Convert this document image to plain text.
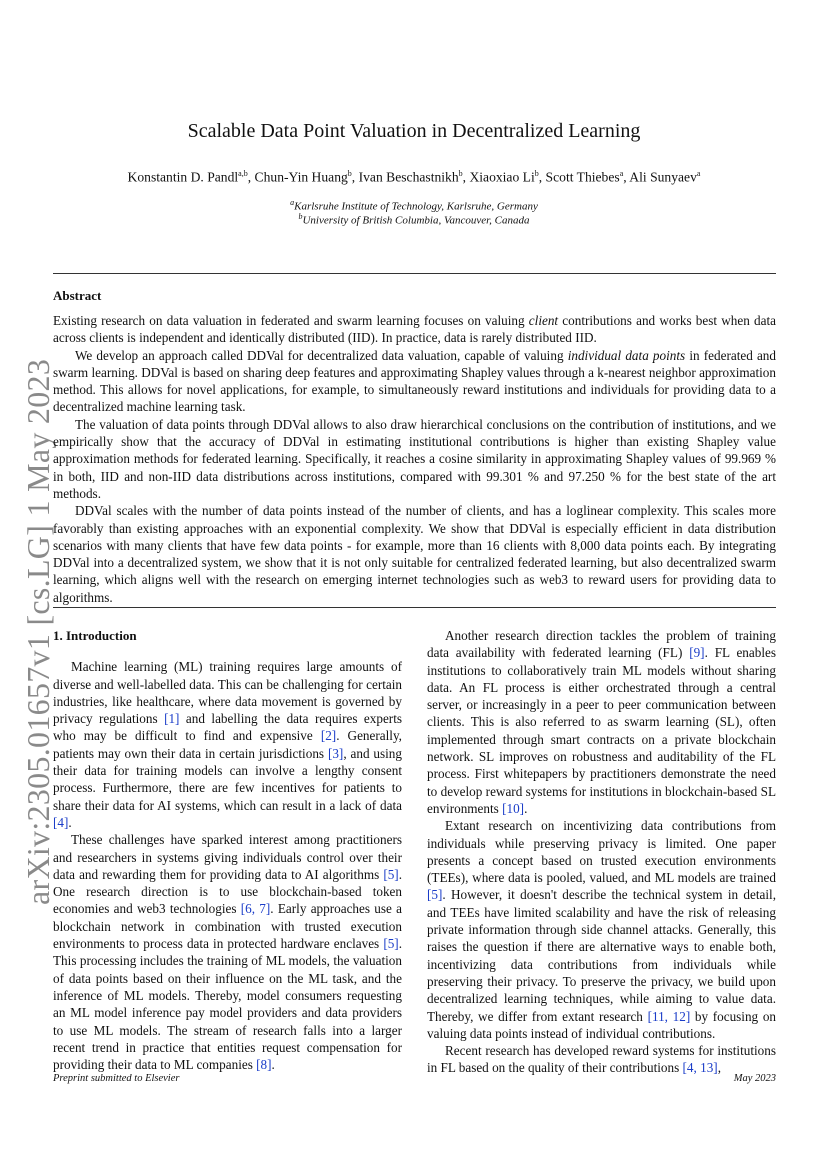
arXiv:2305.01657v1 [cs.LG] 1 May 2023
Scalable Data Point Valuation in Decentralized Learning
Konstantin D. Pandl$^{a,b}$, Chun-Yin Huang$^b$, Ivan Beschastnikh$^b$, Xiaoxiao Li$^b$, Scott Thiebes$^a$, Ali Sunyaev$^a$
$^a$Karlsruhe Institute of Technology, Karlsruhe, Germany
$^b$University of British Columbia, Vancouver, Canada
Abstract

Existing research on data valuation in federated and swarm learning focuses on valuing client contributions and works best when data across clients is independent and identically distributed (IID). In practice, data is rarely distributed IID.

We develop an approach called DDVal for decentralized data valuation, capable of valuing individual data points in federated and swarm learning. DDVal is based on sharing deep features and approximating Shapley values through a k-nearest neighbor approximation method. This allows for novel applications, for example, to simultaneously reward institutions and individuals for providing data to a decentralized machine learning task.

The valuation of data points through DDVal allows to also draw hierarchical conclusions on the contribution of institutions, and we empirically show that the accuracy of DDVal in estimating institutional contributions is higher than existing Shapley value approximation methods for federated learning. Specifically, it reaches a cosine similarity in approximating Shapley values of 99.969 % in both, IID and non-IID data distributions across institutions, compared with 99.301 % and 97.250 % for the best state of the art methods.

DDVal scales with the number of data points instead of the number of clients, and has a loglinear complexity. This scales more favorably than existing approaches with an exponential complexity. We show that DDVal is especially efficient in data distribution scenarios with many clients that have few data points - for example, more than 16 clients with 8,000 data points each. By integrating DDVal into a decentralized system, we show that it is not only suitable for centralized federated learning, but also decentralized swarm learning, which aligns well with the research on emerging internet technologies such as web3 to reward users for providing data to algorithms.

1. Introduction

Machine learning (ML) training requires large amounts of diverse and well-labelled data. This can be challenging for certain industries, like healthcare, where data movement is governed by privacy regulations [1] and labelling the data requires experts who may be difficult to find and expensive [2]. Generally, patients may own their data in certain jurisdictions [3], and using their data for training models can involve a lengthy consent process. Furthermore, there are few incentives for patients to share their data for AI systems, which can result in a lack of data [4].

These challenges have sparked interest among practitioners and researchers in systems giving individuals control over their data and rewarding them for providing data to AI algorithms [5]. One research direction is to use blockchain-based token economies and web3 technologies [6, 7]. Early approaches use a blockchain network in combination with trusted execution environments to process data in protected hardware enclaves [5]. This processing includes the training of ML models, the valuation of data points based on their influence on the ML task, and the inference of ML models. Thereby, model consumers requesting an ML model inference pay model providers and data providers to use ML models. The stream of research falls into a larger recent trend in practice that entities request compensation for providing their data to ML companies [8].

Another research direction tackles the problem of training data availability with federated learning (FL) [9]. FL enables institutions to collaboratively train ML models without sharing data. An FL process is either orchestrated through a central server, or increasingly in a peer to peer communication between clients. This is also referred to as swarm learning (SL), often implemented through smart contracts on a private blockchain network. SL improves on robustness and auditability of the FL process. First whitepapers by practitioners demonstrate the need to develop reward systems for institutions in blockchain-based SL environments [10].

Extant research on incentivizing data contributions from individuals while preserving privacy is limited. One paper presents a concept based on trusted execution environments (TEEs), where data is pooled, valued, and ML models are trained [5]. However, it doesn't describe the technical system in detail, and TEEs have limited scalability and have the risk of releasing private information through side channel attacks. Generally, this raises the question if there are alternative ways to enable both, incentivizing data contributions from individuals while preserving their privacy. To preserve the privacy, we build upon decentralized learning techniques, while aiming to value data. Thereby, we differ from extant research [11, 12] by focusing on valuing data points instead of individual contributions.

Recent research has developed reward systems for institutions in FL based on the quality of their contributions [4, 13],

Preprint submitted to Elsevier	May 2023
